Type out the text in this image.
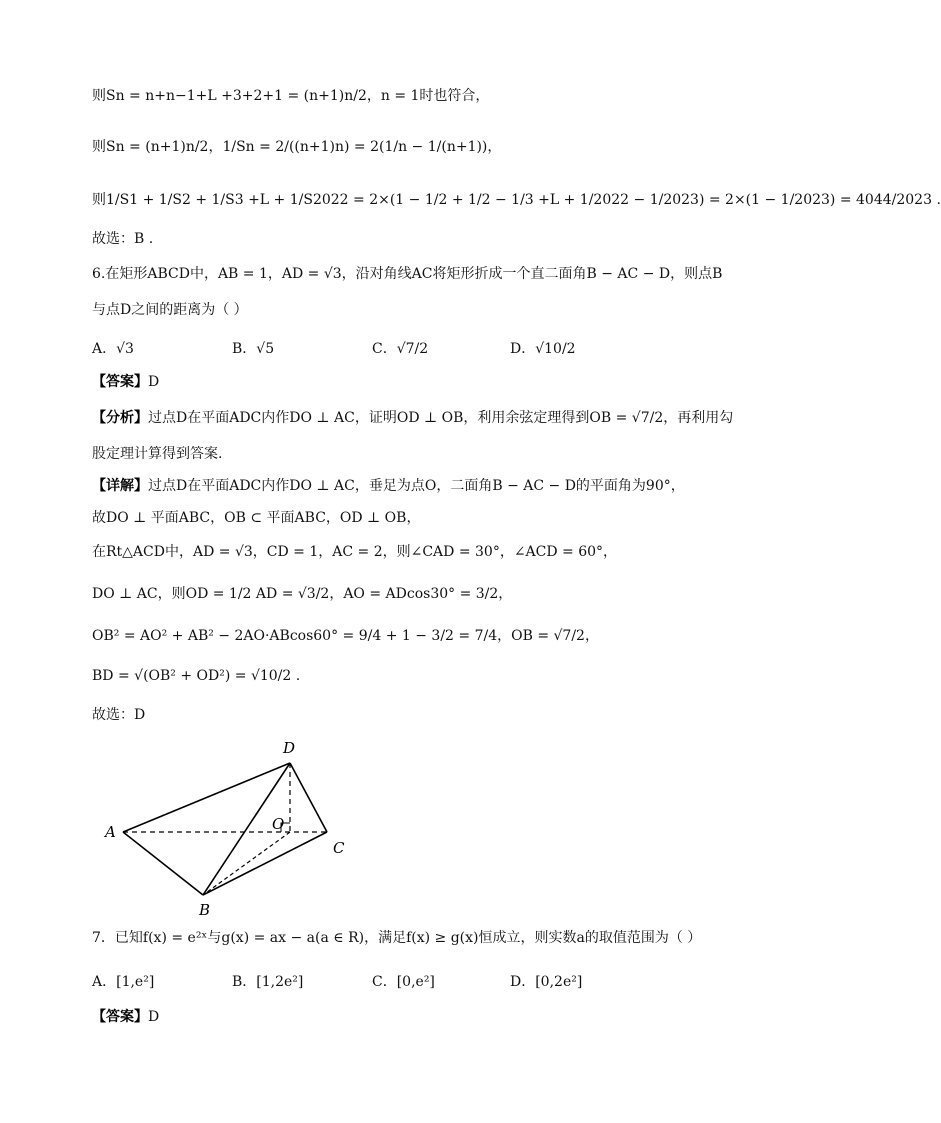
则Sn = n+n−1+L +3+2+1 = (n+1)n/2，n = 1时也符合，
则Sn = (n+1)n/2，1/Sn = 2/((n+1)n) = 2(1/n − 1/(n+1))，
则1/S1 + 1/S2 + 1/S3 +L + 1/S2022 = 2×(1 − 1/2 + 1/2 − 1/3 +L + 1/2022 − 1/2023) = 2×(1 − 1/2023) = 4044/2023 .
故选：B .
6.在矩形ABCD中，AB = 1，AD = √3，沿对角线AC将矩形折成一个直二面角B − AC − D，则点B
与点D之间的距离为（ ）
A．√3	B．√5	C．√7/2	D．√10/2
【答案】D
【分析】过点D在平面ADC内作DO ⊥ AC，证明OD ⊥ OB，利用余弦定理得到OB = √7/2，再利用勾
股定理计算得到答案.
【详解】过点D在平面ADC内作DO ⊥ AC，垂足为点O，二面角B − AC − D的平面角为90°，
故DO ⊥ 平面ABC，OB ⊂ 平面ABC，OD ⊥ OB，
在Rt△ACD中，AD = √3，CD = 1，AC = 2，则∠CAD = 30°，∠ACD = 60°，
DO ⊥ AC，则OD = 1/2 AD = √3/2，AO = ADcos30° = 3/2，
OB² = AO² + AB² − 2AO·ABcos60° = 9/4 + 1 − 3/2 = 7/4，OB = √7/2，
BD = √(OB² + OD²) = √10/2 .
故选：D
A
B
C
D
O
7．已知f(x) = e²ˣ与g(x) = ax − a(a ∈ R)，满足f(x) ≥ g(x)恒成立，则实数a的取值范围为（ ）
A．[1,e²]	B．[1,2e²]	C．[0,e²]	D．[0,2e²]
【答案】D
